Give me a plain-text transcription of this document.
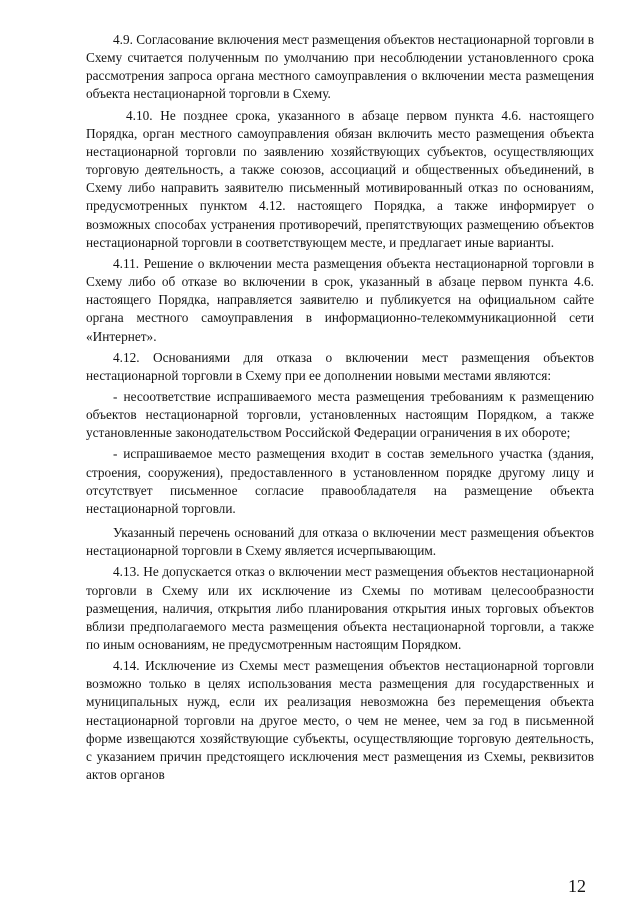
4.9. Согласование включения мест размещения объектов нестационарной торговли в Схему считается полученным по умолчанию при несоблюдении установленного срока рассмотрения запроса органа местного самоуправления о включении места размещения объекта нестационарной торговли в Схему.

4.10. Не позднее срока, указанного в абзаце первом пункта 4.6. настоящего Порядка, орган местного самоуправления обязан включить место размещения объекта нестационарной торговли по заявлению хозяйствующих субъектов, осуществляющих торговую деятельность, а также союзов, ассоциаций и общественных объединений, в Схему либо направить заявителю письменный мотивированный отказ по основаниям, предусмотренных пунктом 4.12. настоящего Порядка, а также информирует о возможных способах устранения противоречий, препятствующих размещению объектов нестационарной торговли в соответствующем месте, и предлагает иные варианты.

4.11. Решение о включении места размещения объекта нестационарной торговли в Схему либо об отказе во включении в срок, указанный в абзаце первом пункта 4.6. настоящего Порядка, направляется заявителю и публикуется на официальном сайте органа местного самоуправления в информационно-телекоммуникационной сети «Интернет».

4.12. Основаниями для отказа о включении мест размещения объектов нестационарной торговли в Схему при ее дополнении новыми местами являются:

- несоответствие испрашиваемого места размещения требованиям к размещению объектов нестационарной торговли, установленных настоящим Порядком, а также установленные законодательством Российской Федерации ограничения в их обороте;

- испрашиваемое место размещения входит в состав земельного участка (здания, строения, сооружения), предоставленного в установленном порядке другому лицу и отсутствует письменное согласие правообладателя на размещение объекта нестационарной торговли.

Указанный перечень оснований для отказа о включении мест размещения объектов нестационарной торговли в Схему является исчерпывающим.

4.13. Не допускается отказ о включении мест размещения объектов нестационарной торговли в Схему или их исключение из Схемы по мотивам целесообразности размещения, наличия, открытия либо планирования открытия иных торговых объектов вблизи предполагаемого места размещения объекта нестационарной торговли, а также по иным основаниям, не предусмотренным настоящим Порядком.

4.14. Исключение из Схемы мест размещения объектов нестационарной торговли возможно только в целях использования места размещения для государственных и муниципальных нужд, если их реализация невозможна без перемещения объекта нестационарной торговли на другое место, о чем не менее, чем за год в письменной форме извещаются хозяйствующие субъекты, осуществляющие торговую деятельность, с указанием причин предстоящего исключения мест размещения из Схемы, реквизитов актов органов

12
